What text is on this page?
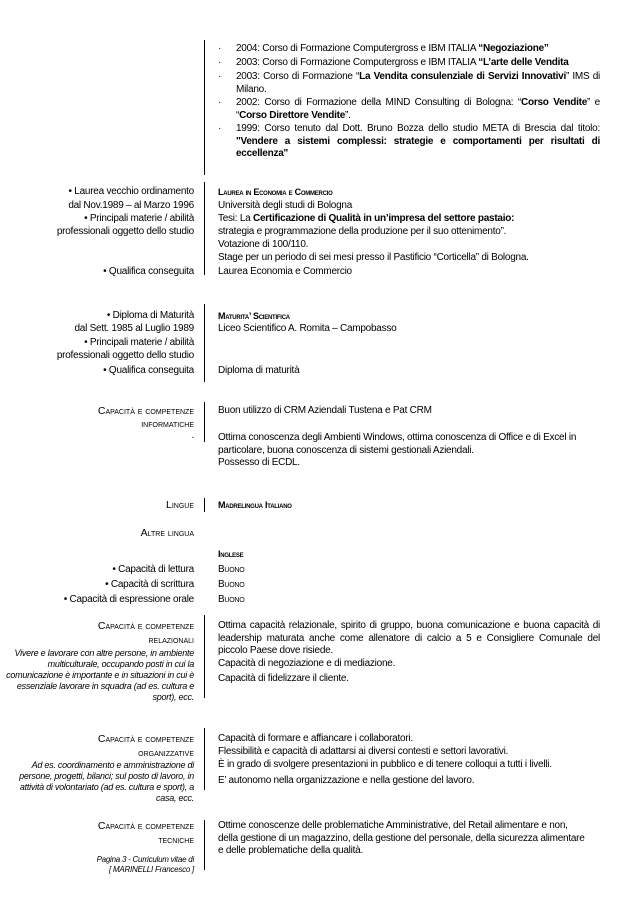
· 2004: Corso di Formazione Computergross e IBM ITALIA “Negoziazione”
· 2003: Corso di Formazione Computergross e IBM ITALIA “L’arte delle Vendita
· 2003: Corso di Formazione “La Vendita consulenziale di Servizi Innovativi” IMS di Milano.
· 2002: Corso di Formazione della MIND Consulting di Bologna: “Corso Vendite” e “Corso Direttore Vendite”.
· 1999: Corso tenuto dal Dott. Bruno Bozza dello studio META di Brescia dal titolo: "Vendere a sistemi complessi: strategie e comportamenti per risultati di eccellenza"
• Laurea vecchio ordinamento
dal Nov.1989 – al Marzo 1996
• Principali materie / abilità
professionali oggetto dello studio
• Qualifica conseguita
Laurea in Economia e Commercio
Università degli studi di Bologna
Tesi: La Certificazione di Qualità in un’impresa del settore pastaio: strategia e programmazione della produzione per il suo ottenimento”.
Votazione di 100/110.
Stage per un periodo di sei mesi presso il Pastificio “Corticella” di Bologna.
Laurea Economia e Commercio
• Diploma di Maturità
dal Sett. 1985 al Luglio 1989
• Principali materie / abilità
professionali oggetto dello studio
• Qualifica conseguita
Maturita’ Scientifica
Liceo Scientifico A. Romita – Campobasso
Diploma di maturità
Capacità e competenze
informatiche
.
Buon utilizzo di CRM Aziendali Tustena e Pat CRM
Ottima conoscenza degli Ambienti Windows, ottima conoscenza di Office e di Excel in particolare, buona conoscenza di sistemi gestionali Aziendali.
Possesso di ECDL.
Lingue	Madrelingua Italiano
Altre lingua
Inglese
• Capacità di lettura
• Capacità di scrittura
• Capacità di espressione orale
Buono
Buono
Buono
Capacità e competenze
relazionali
Vivere e lavorare con altre persone, in ambiente multiculturale, occupando posti in cui la comunicazione è importante e in situazioni in cui è essenziale lavorare in squadra (ad es. cultura e sport), ecc.
Ottima capacità relazionale, spirito di gruppo, buona comunicazione e buona capacità di leadership maturata anche come allenatore di calcio a 5 e Consigliere Comunale del piccolo Paese dove risiede.
Capacità di negoziazione e di mediazione.
Capacità di fidelizzare il cliente.
Capacità e competenze
organizzative
Ad es. coordinamento e amministrazione di persone, progetti, bilanci; sul posto di lavoro, in attività di volontariato (ad es. cultura e sport), a casa, ecc.
Capacità di formare e affiancare i collaboratori.
Flessibilità e capacità di adattarsi ai diversi contesti e settori lavorativi.
È in grado di svolgere presentazioni in pubblico e di tenere colloqui a tutti i livelli.
E’ autonomo nella organizzazione e nella gestione del lavoro.
Capacità e competenze
tecniche
Ottime conoscenze delle problematiche Amministrative, del Retail alimentare e non, della gestione di un magazzino, della gestione del personale, della sicurezza alimentare e delle problematiche della qualità.
Pagina 3 - Curriculum vitae di
[ MARINELLI Francesco ]
